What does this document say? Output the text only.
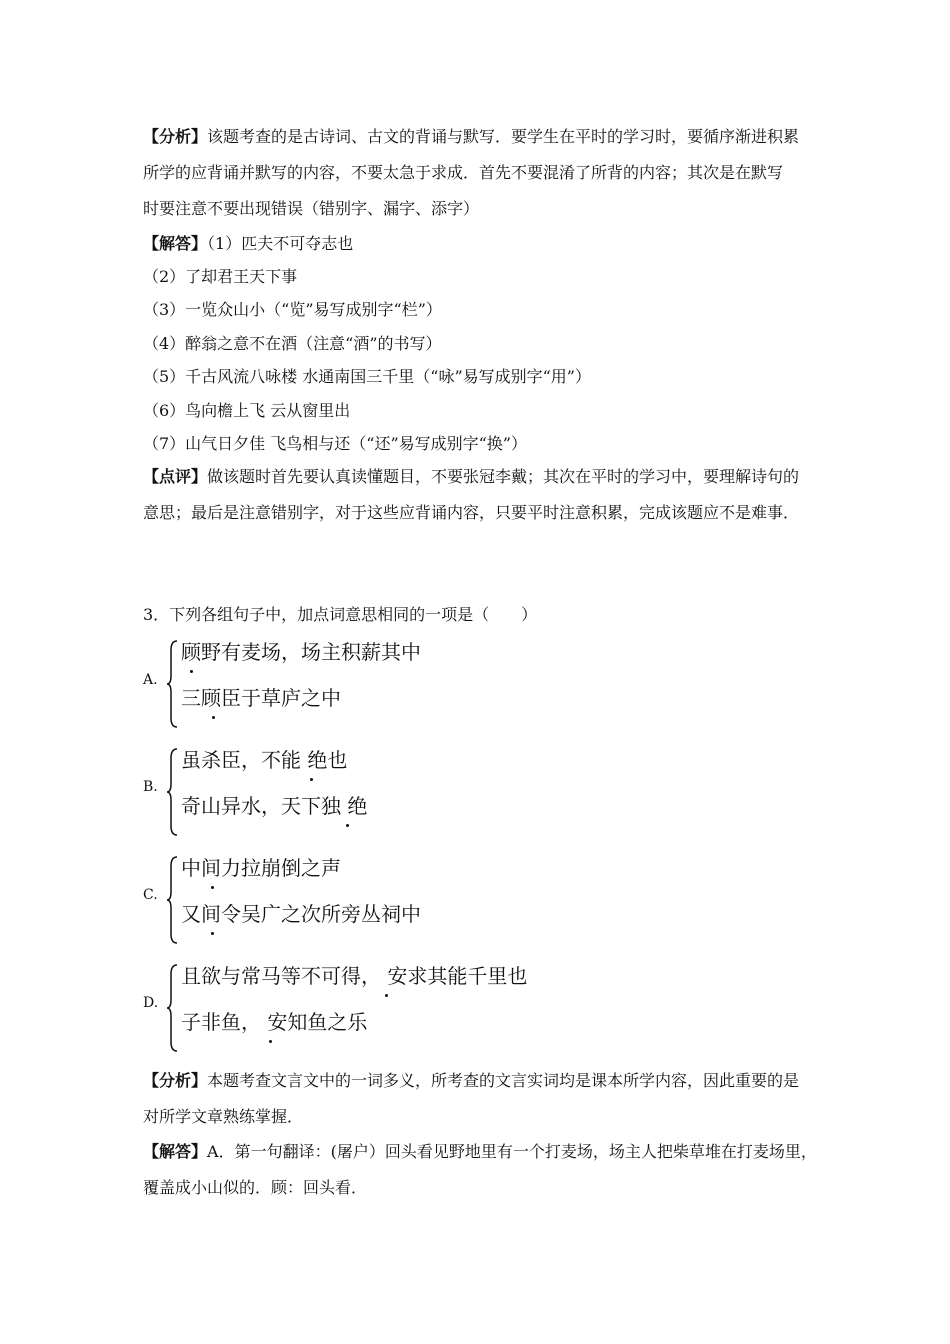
【分析】该题考查的是古诗词、古文的背诵与默写．要学生在平时的学习时，要循序渐进积累
所学的应背诵并默写的内容，不要太急于求成．首先不要混淆了所背的内容；其次是在默写
时要注意不要出现错误（错别字、漏字、添字）
【解答】（1）匹夫不可夺志也
（2）了却君王天下事
（3）一览众山小（“览”易写成别字“栏”）
（4）醉翁之意不在酒（注意“酒”的书写）
（5）千古风流八咏楼 水通南国三千里（“咏”易写成别字“用”）
（6）鸟向檐上飞 云从窗里出
（7）山气日夕佳 飞鸟相与还（“还”易写成别字“换”）
【点评】做该题时首先要认真读懂题目，不要张冠李戴；其次在平时的学习中，要理解诗句的
意思；最后是注意错别字，对于这些应背诵内容，只要平时注意积累，完成该题应不是难事．
3．下列各组句子中，加点词意思相同的一项是（　　）
A.
顾野有麦场，场主积薪其中
三顾臣于草庐之中
B.
虽杀臣，不能 绝也
奇山异水，天下独 绝
C.
中间力拉崩倒之声
又间令吴广之次所旁丛祠中
D.
且欲与常马等不可得， 安求其能千里也
子非鱼， 安知鱼之乐
【分析】本题考查文言文中的一词多义，所考查的文言实词均是课本所学内容，因此重要的是
对所学文章熟练掌握．
【解答】A．第一句翻译：(屠户）回头看见野地里有一个打麦场，场主人把柴草堆在打麦场里，
覆盖成小山似的．顾：回头看．
